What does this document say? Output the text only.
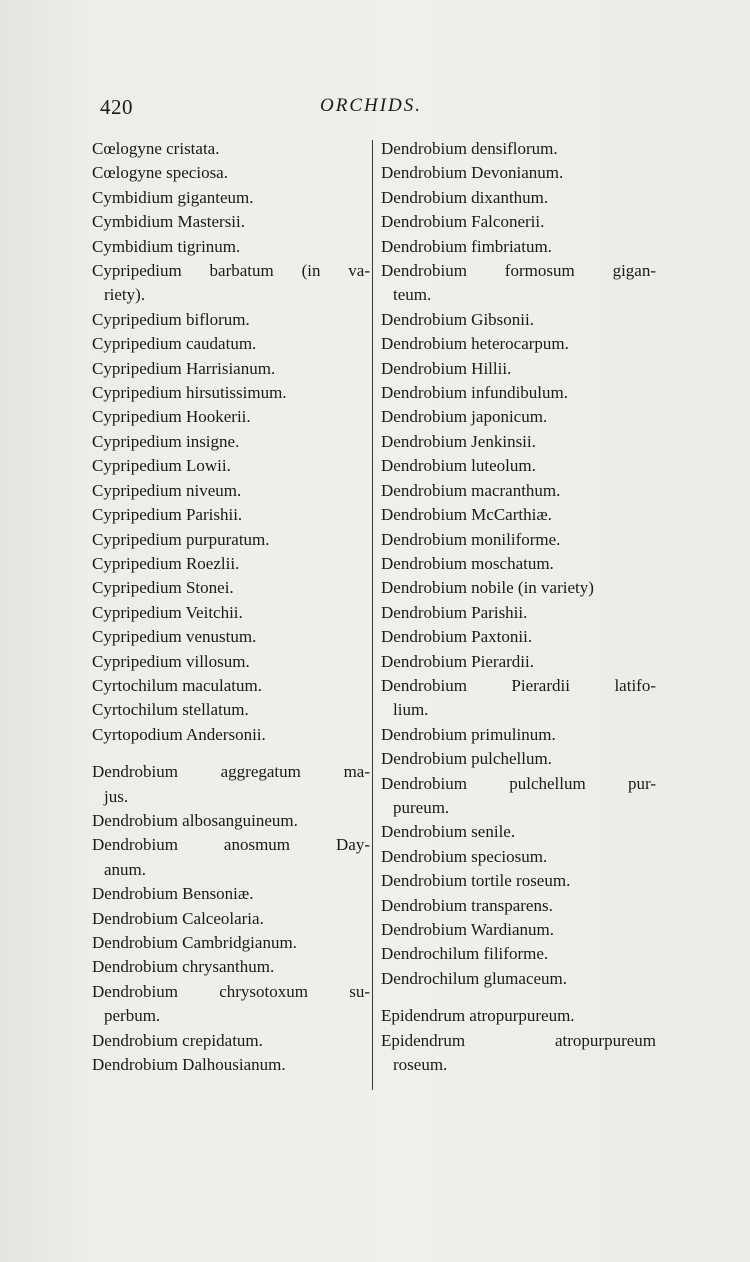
420	ORCHIDS.
Cœlogyne cristata.
Cœlogyne speciosa.
Cymbidium giganteum.
Cymbidium Mastersii.
Cymbidium tigrinum.
Cypripedium barbatum (in va-
riety).
Cypripedium biflorum.
Cypripedium caudatum.
Cypripedium Harrisianum.
Cypripedium hirsutissimum.
Cypripedium Hookerii.
Cypripedium insigne.
Cypripedium Lowii.
Cypripedium niveum.
Cypripedium Parishii.
Cypripedium purpuratum.
Cypripedium Roezlii.
Cypripedium Stonei.
Cypripedium Veitchii.
Cypripedium venustum.
Cypripedium villosum.
Cyrtochilum maculatum.
Cyrtochilum stellatum.
Cyrtopodium Andersonii.
Dendrobium aggregatum ma-
jus.
Dendrobium albosanguineum.
Dendrobium anosmum Day-
anum.
Dendrobium Bensoniæ.
Dendrobium Calceolaria.
Dendrobium Cambridgianum.
Dendrobium chrysanthum.
Dendrobium chrysotoxum su-
perbum.
Dendrobium crepidatum.
Dendrobium Dalhousianum.
Dendrobium densiflorum.
Dendrobium Devonianum.
Dendrobium dixanthum.
Dendrobium Falconerii.
Dendrobium fimbriatum.
Dendrobium formosum gigan-
teum.
Dendrobium Gibsonii.
Dendrobium heterocarpum.
Dendrobium Hillii.
Dendrobium infundibulum.
Dendrobium japonicum.
Dendrobium Jenkinsii.
Dendrobium luteolum.
Dendrobium macranthum.
Dendrobium McCarthiæ.
Dendrobium moniliforme.
Dendrobium moschatum.
Dendrobium nobile (in variety)
Dendrobium Parishii.
Dendrobium Paxtonii.
Dendrobium Pierardii.
Dendrobium Pierardii latifo-
lium.
Dendrobium primulinum.
Dendrobium pulchellum.
Dendrobium pulchellum pur-
pureum.
Dendrobium senile.
Dendrobium speciosum.
Dendrobium tortile roseum.
Dendrobium transparens.
Dendrobium Wardianum.
Dendrochilum filiforme.
Dendrochilum glumaceum.
Epidendrum atropurpureum.
Epidendrum atropurpureum
roseum.
